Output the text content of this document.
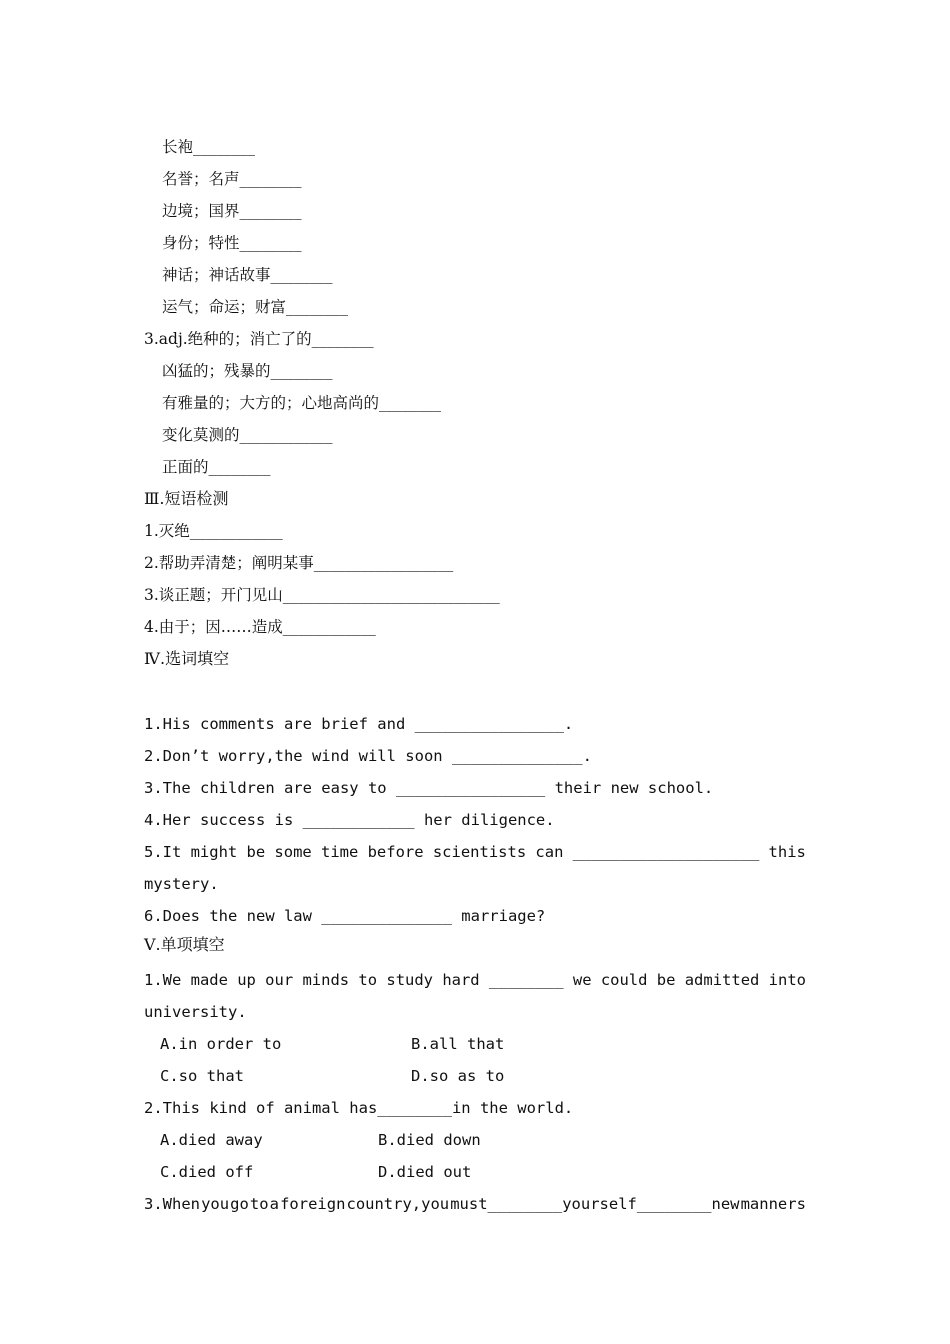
长袍________
名誉；名声________
边境；国界________
身份；特性________
神话；神话故事________
运气；命运；财富________
3.adj.绝种的；消亡了的________
凶猛的；残暴的________
有雅量的；大方的；心地高尚的________
变化莫测的____________
正面的________
Ⅲ.短语检测
1.灭绝____________
2.帮助弄清楚；阐明某事__________________
3.谈正题；开门见山____________________________
4.由于；因……造成____________
Ⅳ.选词填空
1.His comments are brief and ________________.
2.Don’t worry,the wind will soon ______________.
3.The children are easy to ________________ their new school.
4.Her success is ____________ her diligence.
5.It might be some time before scientists can ____________________ this
mystery.
6.Does the new law ______________ marriage?
Ⅴ.单项填空
1.We made up our minds to study hard ________ we could be admitted into
university.
A.in order to	B.all that
C.so that	D.so as to
2.This kind of animal has________in the world.
A.died away	B.died down
C.died off	D.died out
3.When you go to a foreign country,you must________yourself________new manners
